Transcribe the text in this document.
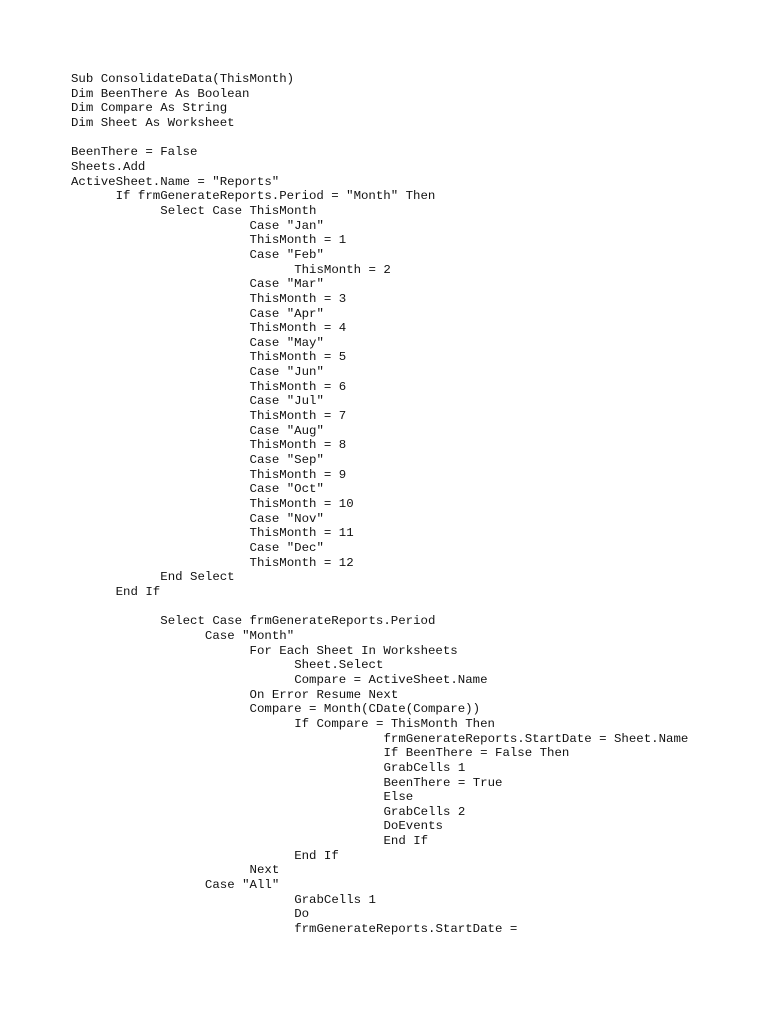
Sub ConsolidateData(ThisMonth)
Dim BeenThere As Boolean
Dim Compare As String
Dim Sheet As Worksheet
BeenThere = False
Sheets.Add
ActiveSheet.Name = "Reports"
If frmGenerateReports.Period = "Month" Then
Select Case ThisMonth
Case "Jan"
ThisMonth = 1
Case "Feb"
ThisMonth = 2
Case "Mar"
ThisMonth = 3
Case "Apr"
ThisMonth = 4
Case "May"
ThisMonth = 5
Case "Jun"
ThisMonth = 6
Case "Jul"
ThisMonth = 7
Case "Aug"
ThisMonth = 8
Case "Sep"
ThisMonth = 9
Case "Oct"
ThisMonth = 10
Case "Nov"
ThisMonth = 11
Case "Dec"
ThisMonth = 12
End Select
End If
Select Case frmGenerateReports.Period
Case "Month"
For Each Sheet In Worksheets
Sheet.Select
Compare = ActiveSheet.Name
On Error Resume Next
Compare = Month(CDate(Compare))
If Compare = ThisMonth Then
frmGenerateReports.StartDate = Sheet.Name
If BeenThere = False Then
GrabCells 1
BeenThere = True
Else
GrabCells 2
DoEvents
End If
End If
Next
Case "All"
GrabCells 1
Do
frmGenerateReports.StartDate =
